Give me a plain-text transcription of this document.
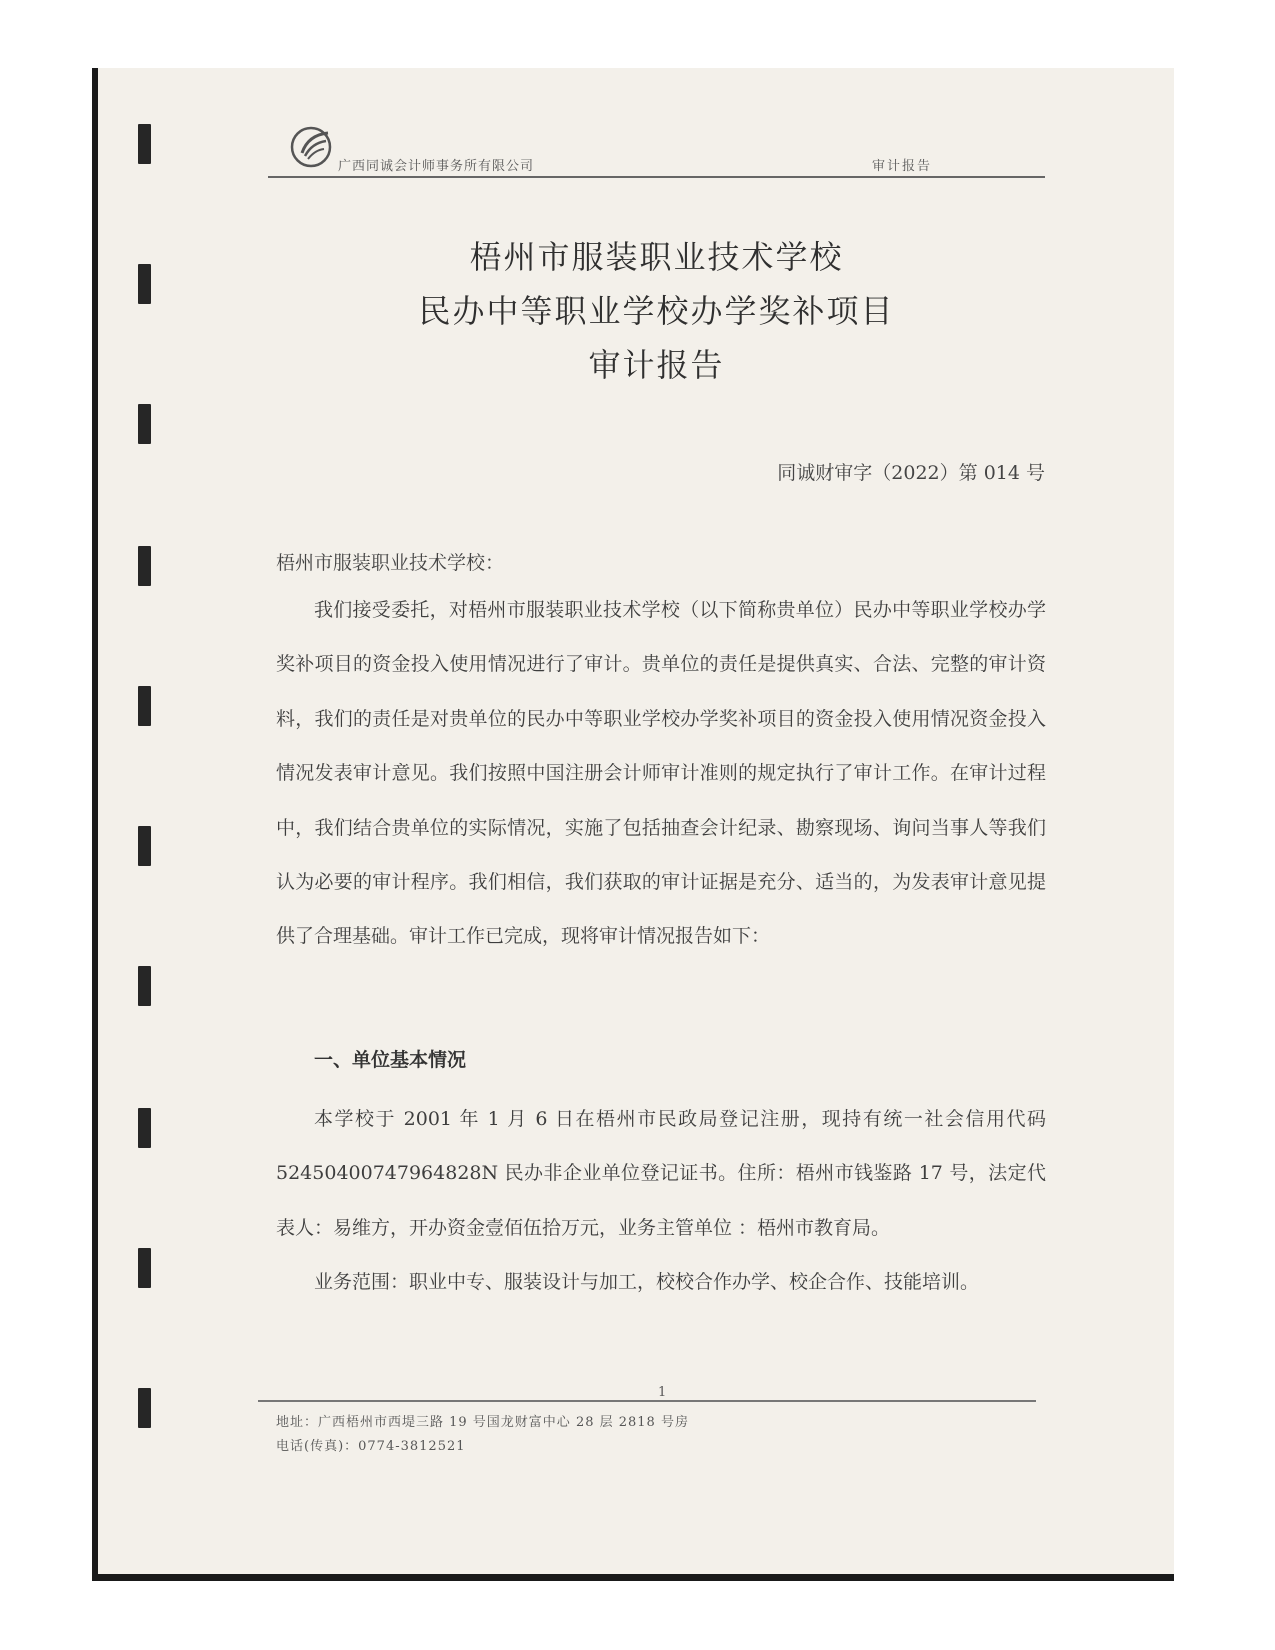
广西同诚会计师事务所有限公司	审计报告
梧州市服装职业技术学校
民办中等职业学校办学奖补项目
审计报告
同诚财审字（2022）第 014 号
梧州市服装职业技术学校：

我们接受委托，对梧州市服装职业技术学校（以下简称贵单位）民办中等职业学校办学奖补项目的资金投入使用情况进行了审计。贵单位的责任是提供真实、合法、完整的审计资料，我们的责任是对贵单位的民办中等职业学校办学奖补项目的资金投入使用情况资金投入情况发表审计意见。我们按照中国注册会计师审计准则的规定执行了审计工作。在审计过程中，我们结合贵单位的实际情况，实施了包括抽查会计纪录、勘察现场、询问当事人等我们认为必要的审计程序。我们相信，我们获取的审计证据是充分、适当的，为发表审计意见提供了合理基础。审计工作已完成，现将审计情况报告如下：

一、单位基本情况

本学校于 2001 年 1 月 6 日在梧州市民政局登记注册，现持有统一社会信用代码 52450400747964828N 民办非企业单位登记证书。住所：梧州市钱鉴路 17 号，法定代表人：易维方，开办资金壹佰伍拾万元，业务主管单位 ：梧州市教育局。

业务范围：职业中专、服装设计与加工，校校合作办学、校企合作、技能培训。

1
地址：广西梧州市西堤三路 19 号国龙财富中心 28 层 2818 号房
电话(传真)：0774-3812521
